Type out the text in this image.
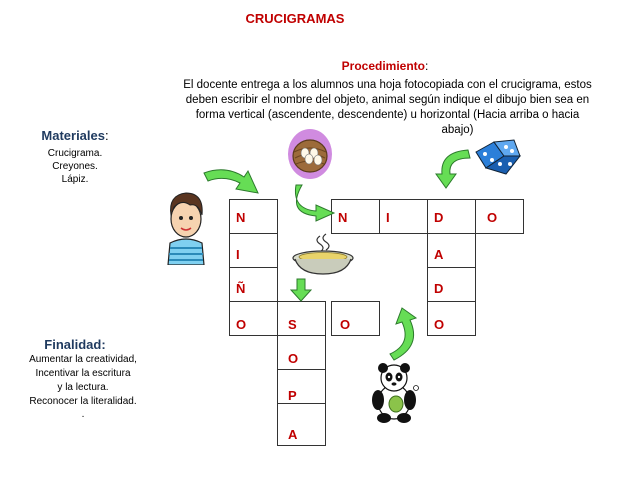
CRUCIGRAMAS
Procedimiento:
El docente entrega a los alumnos una hoja fotocopiada con el crucigrama, estos
deben escribir el nombre del objeto, animal según indique el dibujo bien sea en
forma vertical (ascendente, descendente) u horizontal (Hacia arriba o hacia
abajo)
Materiales:
Crucigrama.
Creyones.
Lápiz.
Finalidad:
Aumentar la creatividad,
Incentivar la escritura
y la lectura.
Reconocer la literalidad.
.
N	N	I	D	O
I	A
Ñ	D
O	S	O	O
O
P
A
